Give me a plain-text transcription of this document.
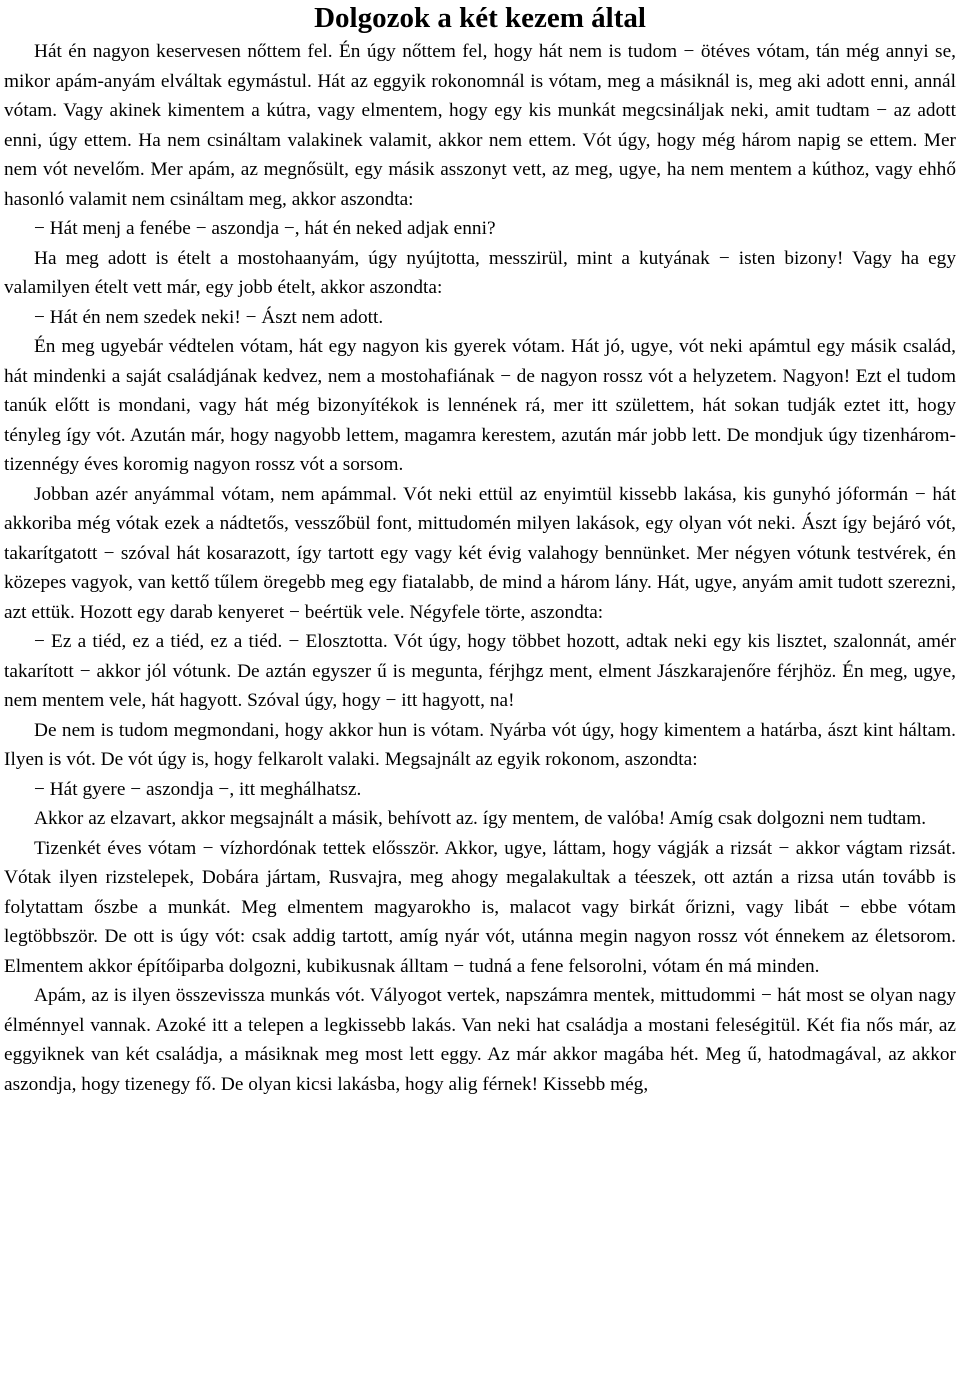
Dolgozok a két kezem által

Hát én nagyon keservesen nőttem fel. Én úgy nőttem fel, hogy hát nem is tudom − ötéves vótam, tán még annyi se, mikor apám-anyám elváltak egymástul. Hát az eggyik rokonomnál is vótam, meg a másiknál is, meg aki adott enni, annál vótam. Vagy akinek kimentem a kútra, vagy elmentem, hogy egy kis munkát megcsináljak neki, amit tudtam − az adott enni, úgy ettem. Ha nem csináltam valakinek valamit, akkor nem ettem. Vót úgy, hogy még három napig se ettem. Mer nem vót nevelőm. Mer apám, az megnősült, egy másik asszonyt vett, az meg, ugye, ha nem mentem a kúthoz, vagy ehhő hasonló valamit nem csináltam meg, akkor aszondta:

− Hát menj a fenébe − aszondja −, hát én neked adjak enni?

Ha meg adott is ételt a mostohaanyám, úgy nyújtotta, messzirül, mint a kutyának − isten bizony! Vagy ha egy valamilyen ételt vett már, egy jobb ételt, akkor aszondta:

− Hát én nem szedek neki! − Ászt nem adott.

Én meg ugyebár védtelen vótam, hát egy nagyon kis gyerek vótam. Hát jó, ugye, vót neki apámtul egy másik család, hát mindenki a saját családjának kedvez, nem a mostohafiának − de nagyon rossz vót a helyzetem. Nagyon! Ezt el tudom tanúk előtt is mondani, vagy hát még bizonyítékok is lennének rá, mer itt születtem, hát sokan tudják eztet itt, hogy tényleg így vót. Azután már, hogy nagyobb lettem, magamra kerestem, azután már jobb lett. De mondjuk úgy tizenhárom-tizennégy éves koromig nagyon rossz vót a sorsom.

Jobban azér anyámmal vótam, nem apámmal. Vót neki ettül az enyimtül kissebb lakása, kis gunyhó jóformán − hát akkoriba még vótak ezek a nádtetős, vesszőbül font, mittudomén milyen lakások, egy olyan vót neki. Ászt így bejáró vót, takarítgatott − szóval hát kosarazott, így tartott egy vagy két évig valahogy bennünket. Mer négyen vótunk testvérek, én közepes vagyok, van kettő tűlem öregebb meg egy fiatalabb, de mind a három lány. Hát, ugye, anyám amit tudott szerezni, azt ettük. Hozott egy darab kenyeret − beértük vele. Négyfele törte, aszondta:

− Ez a tiéd, ez a tiéd, ez a tiéd. − Elosztotta. Vót úgy, hogy többet hozott, adtak neki egy kis lisztet, szalonnát, amér takarított − akkor jól vótunk. De aztán egyszer ű is megunta, férjhgz ment, elment Jászkarajenőre férjhöz. Én meg, ugye, nem mentem vele, hát hagyott. Szóval úgy, hogy − itt hagyott, na!

De nem is tudom megmondani, hogy akkor hun is vótam. Nyárba vót úgy, hogy kimentem a határba, ászt kint háltam. Ilyen is vót. De vót úgy is, hogy felkarolt valaki. Megsajnált az egyik rokonom, aszondta:

− Hát gyere − aszondja −, itt meghálhatsz.

Akkor az elzavart, akkor megsajnált a másik, behívott az. így mentem, de valóba! Amíg csak dolgozni nem tudtam.

Tizenkét éves vótam − vízhordónak tettek elősször. Akkor, ugye, láttam, hogy vágják a rizsát − akkor vágtam rizsát. Vótak ilyen rizstelepek, Dobára jártam, Rusvajra, meg ahogy megalakultak a téeszek, ott aztán a rizsa után tovább is folytattam őszbe a munkát. Meg elmentem magyarokho is, malacot vagy birkát őrizni, vagy libát − ebbe vótam legtöbbször. De ott is úgy vót: csak addig tartott, amíg nyár vót, utánna megin nagyon rossz vót énnekem az életsorom. Elmentem akkor építőiparba dolgozni, kubikusnak álltam − tudná a fene felsorolni, vótam én má minden.

Apám, az is ilyen összevissza munkás vót. Vályogot vertek, napszámra mentek, mittudommi − hát most se olyan nagy élménnyel vannak. Azoké itt a telepen a legkissebb lakás. Van neki hat családja a mostani feleségitül. Két fia nős már, az eggyiknek van két családja, a másiknak meg most lett eggy. Az már akkor magába hét. Meg ű, hatodmagával, az akkor aszondja, hogy tizenegy fő. De olyan kicsi lakásba, hogy alig férnek! Kissebb még,
